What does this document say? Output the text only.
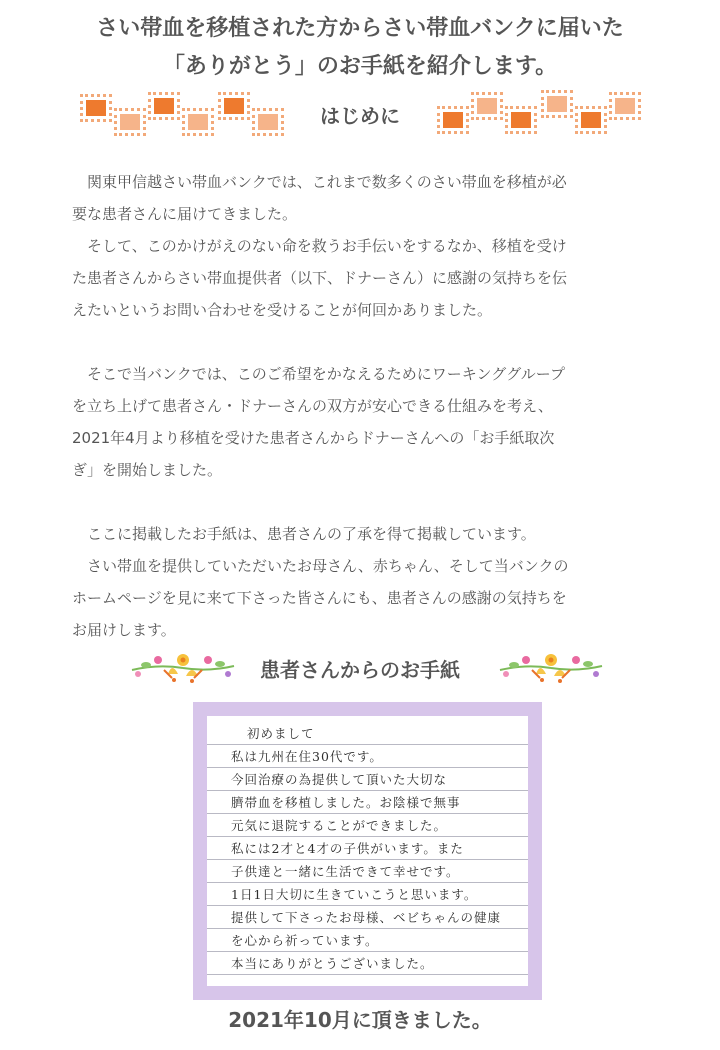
さい帯血を移植された方からさい帯血バンクに届いた
「ありがとう」のお手紙を紹介します。
はじめに

関東甲信越さい帯血バンクでは、これまで数多くのさい帯血を移植が必
要な患者さんに届けてきました。

そして、このかけがえのない命を救うお手伝いをするなか、移植を受け
た患者さんからさい帯血提供者（以下、ドナーさん）に感謝の気持ちを伝
えたいというお問い合わせを受けることが何回かありました。

そこで当バンクでは、このご希望をかなえるためにワーキンググループ
を立ち上げて患者さん・ドナーさんの双方が安心できる仕組みを考え、
2021年4月より移植を受けた患者さんからドナーさんへの「お手紙取次
ぎ」を開始しました。

ここに掲載したお手紙は、患者さんの了承を得て掲載しています。

さい帯血を提供していただいたお母さん、赤ちゃん、そして当バンクの
ホームページを見に来て下さった皆さんにも、患者さんの感謝の気持ちを
お届けします。

患者さんからのお手紙
初めまして
私は九州在住30代です。
今回治療の為提供して頂いた大切な
臍帯血を移植しました。お陰様で無事
元気に退院することができました。
私には2才と4才の子供がいます。また
子供達と一緒に生活できて幸せです。
1日1日大切に生きていこうと思います。
提供して下さったお母様、ベビちゃんの健康
を心から祈っています。
本当にありがとうございました。
2021年10月に頂きました。
